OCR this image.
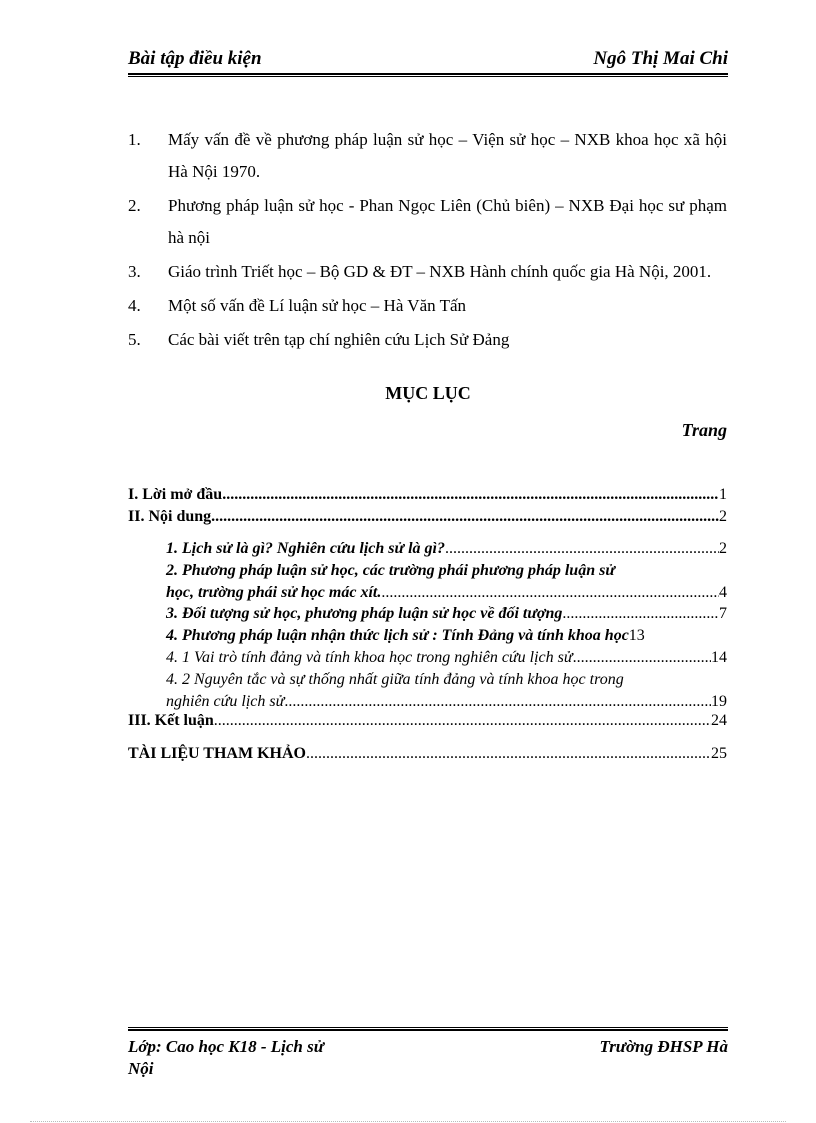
Bài tập điều kiện	Ngô Thị Mai Chi
1.	Mấy vấn đề về phương pháp luận sử học – Viện sử học – NXB khoa học xã hội Hà Nội 1970.
2.	Phương pháp luận sử học - Phan Ngọc Liên (Chủ biên) – NXB Đại học sư phạm hà nội
3.	Giáo trình Triết học – Bộ GD & ĐT – NXB Hành chính quốc gia Hà Nội, 2001.
4.	Một số vấn đề Lí luận sử học – Hà Văn Tấn
5.	Các bài viết trên tạp chí nghiên cứu Lịch Sử Đảng
MỤC LỤC
Trang
I. Lời mở đầu .....	1
II. Nội dung .....	2
1. Lịch sử là gì? Nghiên cứu lịch sử là gì? .....	2
2. Phương pháp luận sử học, các trường phái phương pháp luận sử
học, trường phái sử học mác xít. .....	4
3. Đối tượng sử học, phương pháp luận sử học về đối tượng .....	7
4. Phương pháp luận nhận thức lịch sử : Tính Đảng và tính khoa học 13
4. 1 Vai trò tính đảng và tính khoa học trong nghiên cứu lịch sử .....	14
4. 2 Nguyên tắc và sự thống nhất giữa tính đảng và tính khoa học trong
nghiên cứu lịch sử .....	19
III. Kết luận .....	24
TÀI LIỆU THAM KHẢO .....	25
Lớp: Cao học K18 - Lịch sử
Nội
Trường ĐHSP Hà
